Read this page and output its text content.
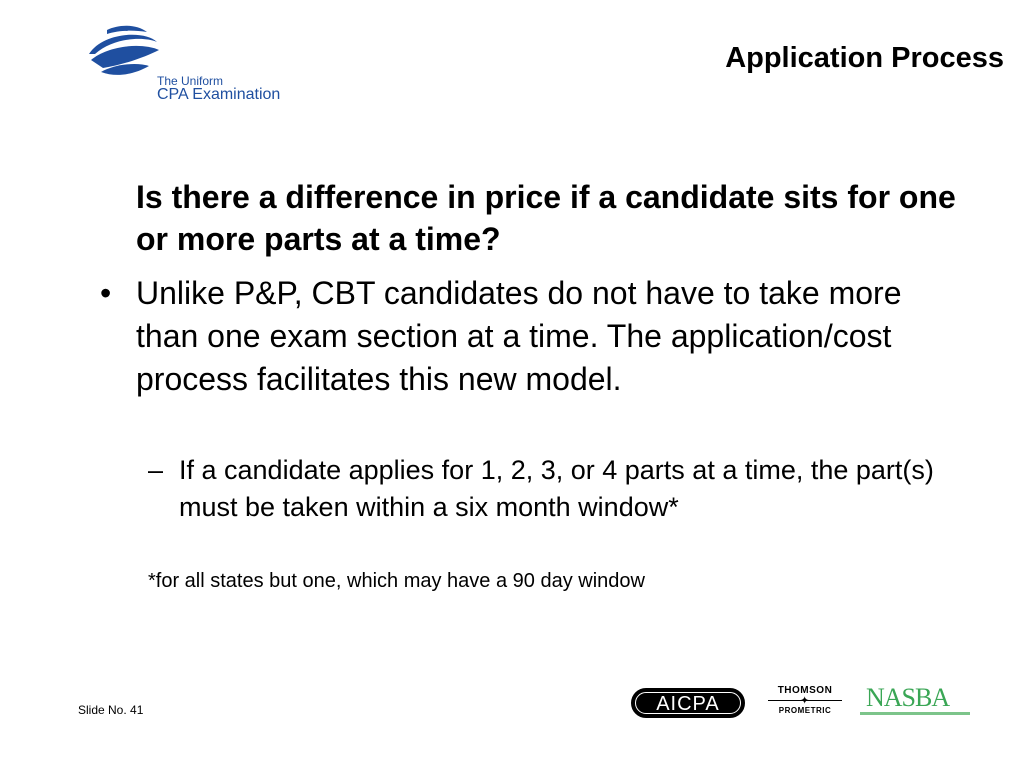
The Uniform
CPA Examination
Application Process
Is there a difference in price if a candidate sits for one or more parts at a time?
• Unlike P&P, CBT candidates do not have to take more than one exam section at a time. The application/cost process facilitates this new model.
– If a candidate applies for 1, 2, 3, or 4 parts at a time, the part(s) must be taken within a six month window*
*for all states but one, which may have a 90 day window
Slide No. 41	AICPA
THOMSON
✦
PROMETRIC	NASBA
